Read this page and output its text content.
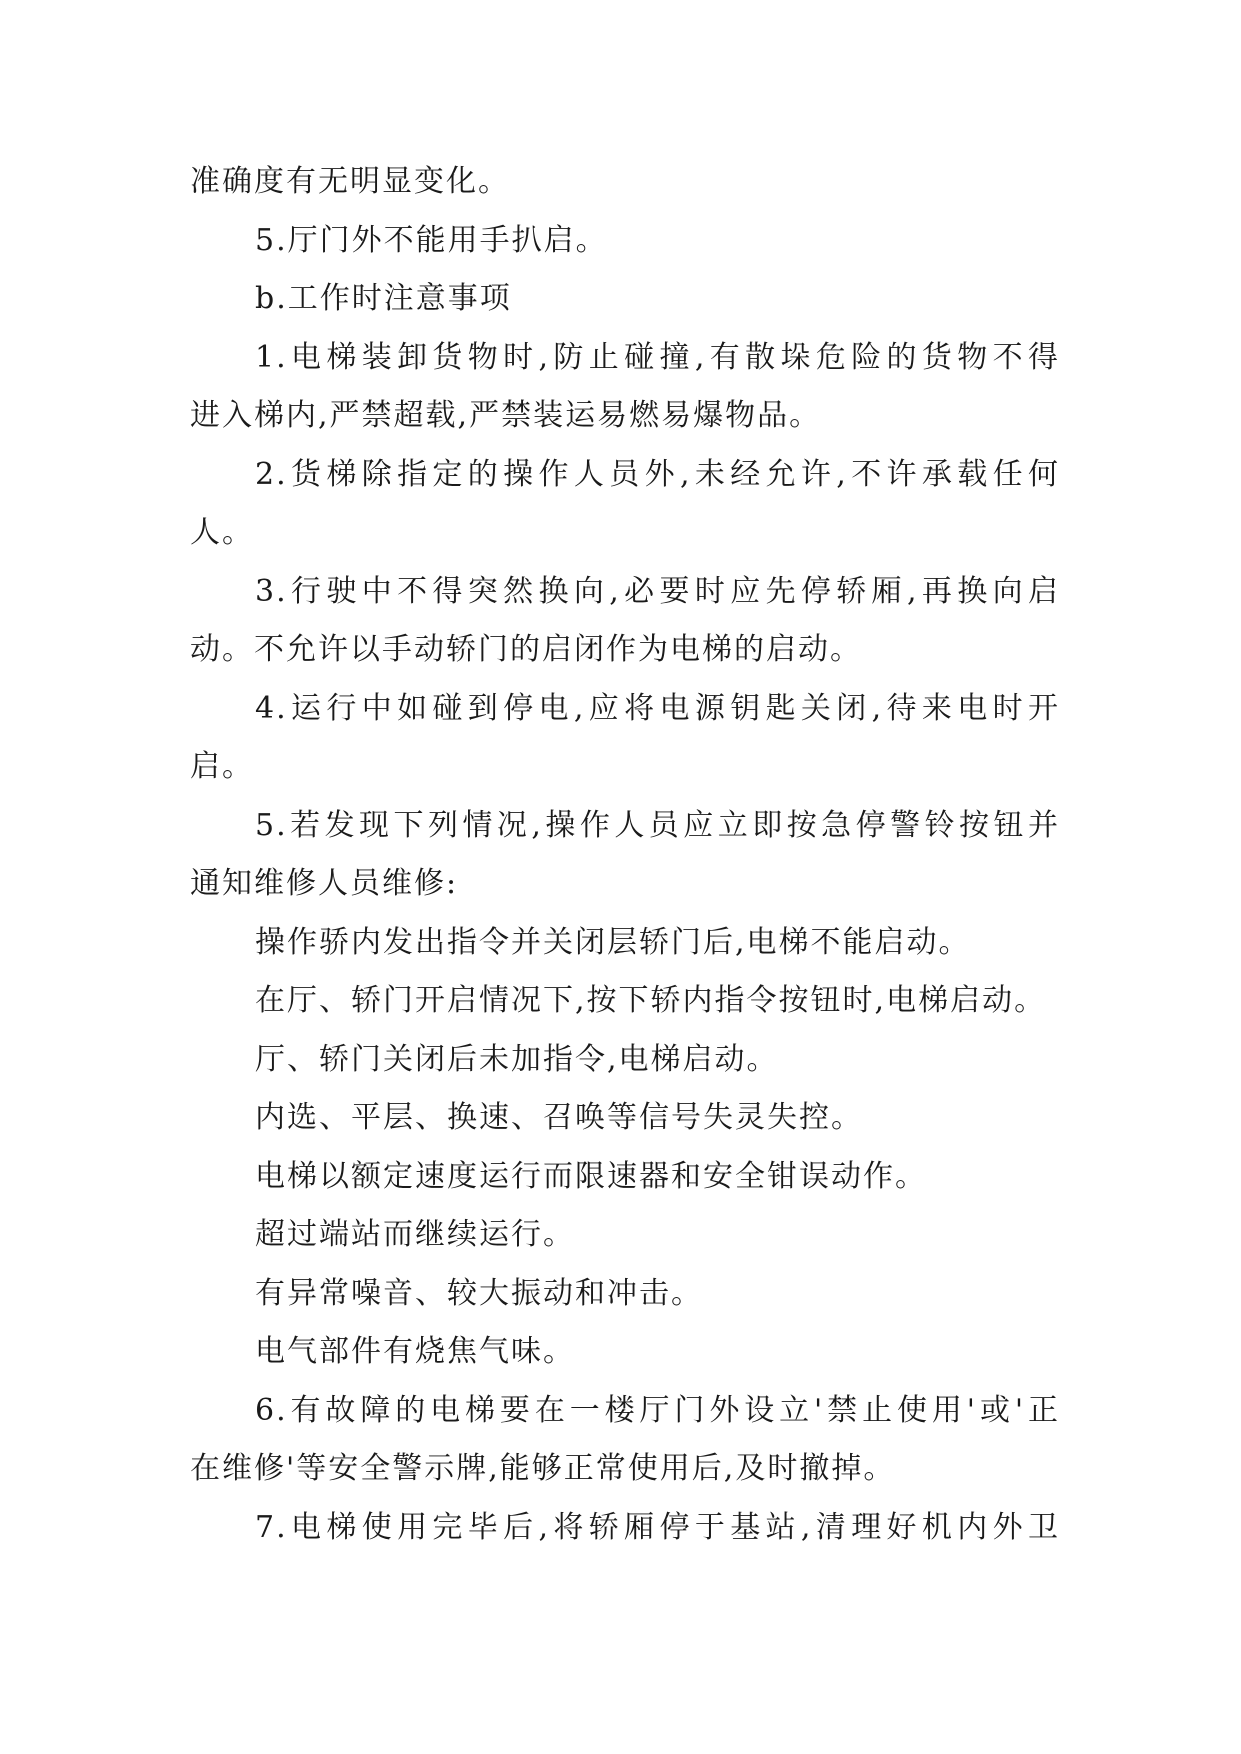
准确度有无明显变化。
5.厅门外不能用手扒启。
b.工作时注意事项
1.电梯装卸货物时,防止碰撞,有散垛危险的货物不得
进入梯内,严禁超载,严禁装运易燃易爆物品。
2.货梯除指定的操作人员外,未经允许,不许承载任何
人。
3.行驶中不得突然换向,必要时应先停轿厢,再换向启
动。不允许以手动轿门的启闭作为电梯的启动。
4.运行中如碰到停电,应将电源钥匙关闭,待来电时开
启。
5.若发现下列情况,操作人员应立即按急停警铃按钮并
通知维修人员维修:
操作骄内发出指令并关闭层轿门后,电梯不能启动。
在厅、轿门开启情况下,按下轿内指令按钮时,电梯启动。
厅、轿门关闭后未加指令,电梯启动。
内选、平层、换速、召唤等信号失灵失控。
电梯以额定速度运行而限速器和安全钳误动作。
超过端站而继续运行。
有异常噪音、较大振动和冲击。
电气部件有烧焦气味。
6.有故障的电梯要在一楼厅门外设立'禁止使用'或'正
在维修'等安全警示牌,能够正常使用后,及时撤掉。
7.电梯使用完毕后,将轿厢停于基站,清理好机内外卫
